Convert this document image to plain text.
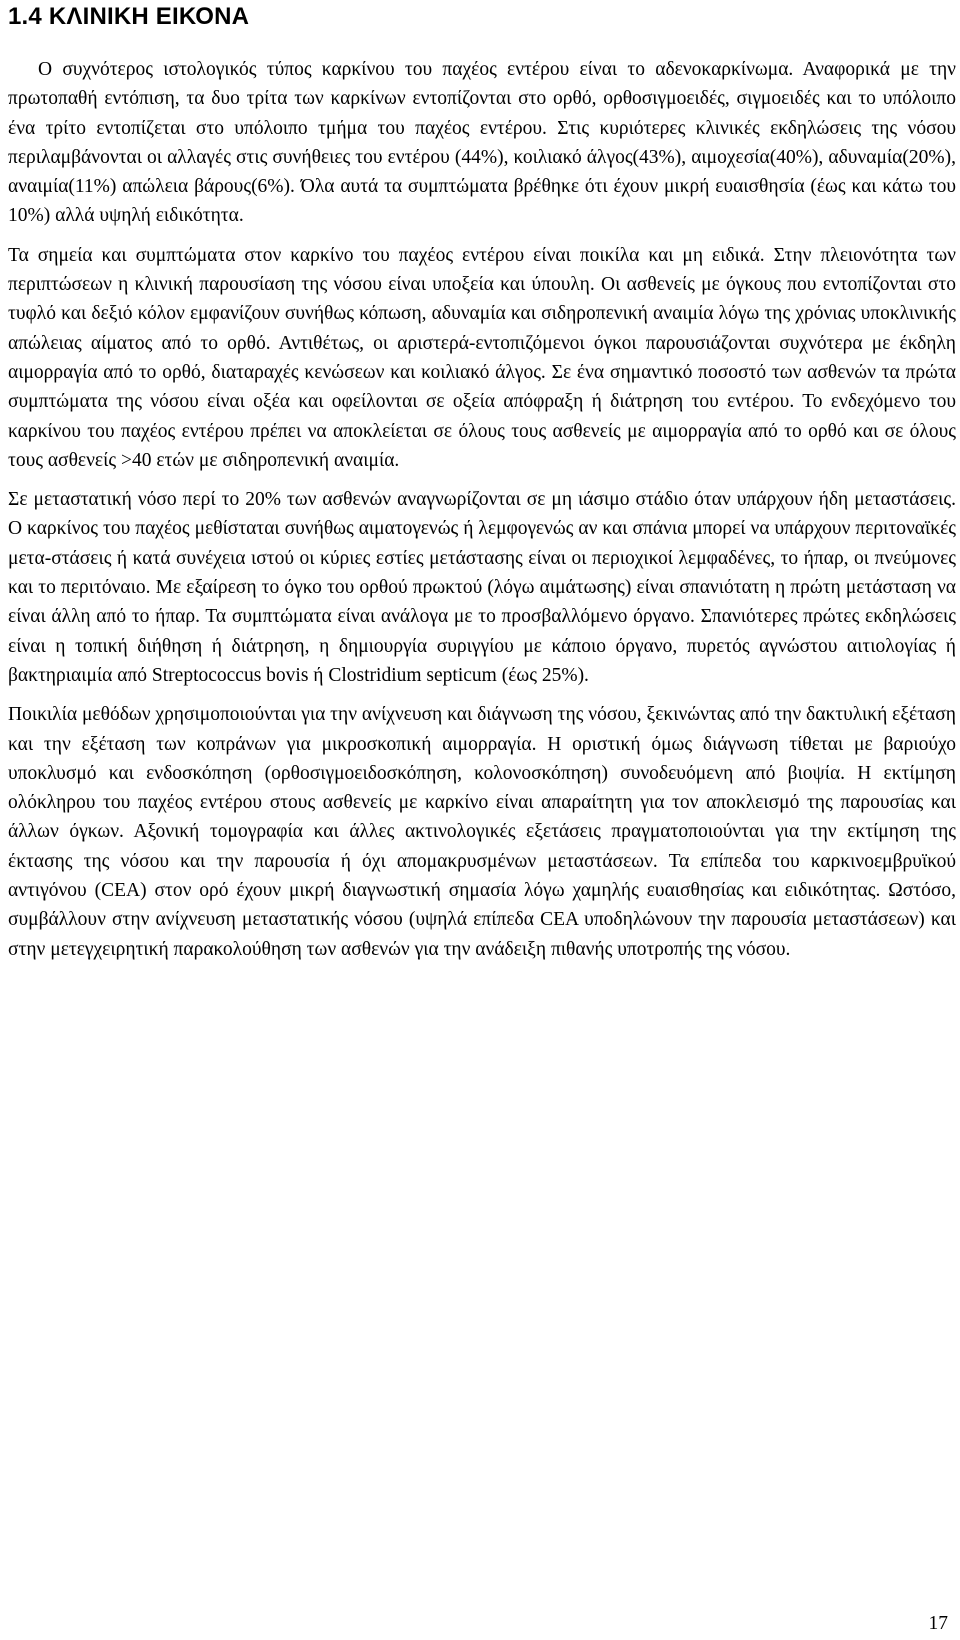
1.4 ΚΛΙΝΙΚΗ ΕΙΚΟΝΑ

Ο συχνότερος ιστολογικός τύπος καρκίνου του παχέος εντέρου είναι το αδενοκαρκίνωμα. Αναφορικά με την πρωτοπαθή εντόπιση, τα δυο τρίτα των καρκίνων εντοπίζονται στο ορθό, ορθοσιγμοειδές, σιγμοειδές και το υπόλοιπο ένα τρίτο εντοπίζεται στο υπόλοιπο τμήμα του παχέος εντέρου. Στις κυριότερες κλινικές εκδηλώσεις της νόσου περιλαμβάνονται οι αλλαγές στις συνήθειες του εντέρου (44%), κοιλιακό άλγος(43%), αιμοχεσία(40%), αδυναμία(20%), αναιμία(11%) απώλεια βάρους(6%). Όλα αυτά τα συμπτώματα βρέθηκε ότι έχουν μικρή ευαισθησία (έως και κάτω του 10%) αλλά υψηλή ειδικότητα.

Τα σημεία και συμπτώματα στον καρκίνο του παχέος εντέρου είναι ποικίλα και μη ειδικά. Στην πλειονότητα των περιπτώσεων η κλινική παρουσίαση της νόσου είναι υποξεία και ύπουλη. Οι ασθενείς με όγκους που εντοπίζονται στο τυφλό και δεξιό κόλον εμφανίζουν συνήθως κόπωση, αδυναμία και σιδηροπενική αναιμία λόγω της χρόνιας υποκλινικής απώλειας αίματος από το ορθό. Αντιθέτως, οι αριστερά-εντοπιζόμενοι όγκοι παρουσιάζονται συχνότερα με έκδηλη αιμορραγία από το ορθό, διαταραχές κενώσεων και κοιλιακό άλγος. Σε ένα σημαντικό ποσοστό των ασθενών τα πρώτα συμπτώματα της νόσου είναι οξέα και οφείλονται σε οξεία απόφραξη ή διάτρηση του εντέρου. Το ενδεχόμενο του καρκίνου του παχέος εντέρου πρέπει να αποκλείεται σε όλους τους ασθενείς με αιμορραγία από το ορθό και σε όλους τους ασθενείς >40 ετών με σιδηροπενική αναιμία.

Σε μεταστατική νόσο περί το 20% των ασθενών αναγνωρίζονται σε μη ιάσιμο στάδιο όταν υπάρχουν ήδη μεταστάσεις. Ο καρκίνος του παχέος μεθίσταται συνήθως αιματογενώς ή λεμφογενώς αν και σπάνια μπορεί να υπάρχουν περιτοναϊκές μετα-στάσεις ή κατά συνέχεια ιστού οι κύριες εστίες μετάστασης είναι οι περιοχικοί λεμφαδένες, το ήπαρ, οι πνεύμονες και το περιτόναιο. Με εξαίρεση το όγκο του ορθού πρωκτού (λόγω αιμάτωσης) είναι σπανιότατη η πρώτη μετάσταση να είναι άλλη από το ήπαρ. Τα συμπτώματα είναι ανάλογα με το προσβαλλόμενο όργανο. Σπανιότερες πρώτες εκδηλώσεις είναι η τοπική διήθηση ή διάτρηση, η δημιουργία συριγγίου με κάποιο όργανο, πυρετός αγνώστου αιτιολογίας ή βακτηριαιμία από Streptococcus bovis ή Clostridium septicum (έως 25%).

Ποικιλία μεθόδων χρησιμοποιούνται για την ανίχνευση και διάγνωση της νόσου, ξεκινώντας από την δακτυλική εξέταση και την εξέταση των κοπράνων για μικροσκοπική αιμορραγία. Η οριστική όμως διάγνωση τίθεται με βαριούχο υποκλυσμό και ενδοσκόπηση (ορθοσιγμοειδοσκόπηση, κολονοσκόπηση) συνοδευόμενη από βιοψία. Η εκτίμηση ολόκληρου του παχέος εντέρου στους ασθενείς με καρκίνο είναι απαραίτητη για τον αποκλεισμό της παρουσίας και άλλων όγκων. Αξονική τομογραφία και άλλες ακτινολογικές εξετάσεις πραγματοποιούνται για την εκτίμηση της έκτασης της νόσου και την παρουσία ή όχι απομακρυσμένων μεταστάσεων. Τα επίπεδα του καρκινοεμβρυϊκού αντιγόνου (CEA) στον ορό έχουν μικρή διαγνωστική σημασία λόγω χαμηλής ευαισθησίας και ειδικότητας. Ωστόσο, συμβάλλουν στην ανίχνευση μεταστατικής νόσου (υψηλά επίπεδα CEA υποδηλώνουν την παρουσία μεταστάσεων) και στην μετεγχειρητική παρακολούθηση των ασθενών για την ανάδειξη πιθανής υποτροπής της νόσου.

17
